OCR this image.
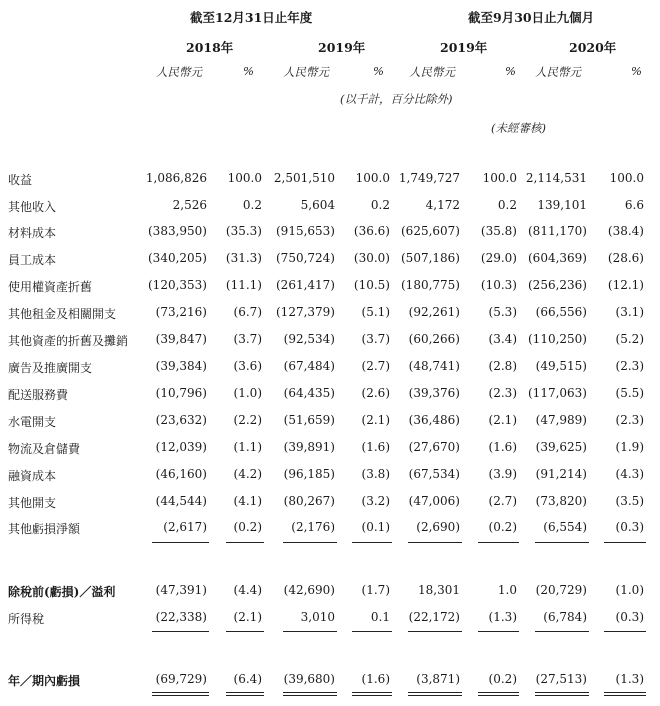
截至12月31日止年度	截至9月30日止九個月
2018年	2019年	2019年	2020年
人民幣元	%	人民幣元	% 人民幣元	% 人民幣元	%
(以千計，百分比除外)
(未經審核)
收益	1,086,826 100.0 2,501,510 100.0 1,749,727 100.0 2,114,531 100.0
其他收入	2,526	0.2	5,604	0.2	4,172	0.2 139,101	6.6
材料成本	(383,950) (35.3) (915,653) (36.6) (625,607) (35.8) (811,170) (38.4)
員工成本	(340,205) (31.3) (750,724) (30.0) (507,186) (29.0) (604,369) (28.6)
使用權資產折舊	(120,353) (11.1) (261,417) (10.5) (180,775) (10.3) (256,236) (12.1)
其他租金及相關開支	(73,216) (6.7) (127,379) (5.1) (92,261) (5.3) (66,556) (3.1)
其他資產的折舊及攤銷 (39,847) (3.7) (92,534) (3.7) (60,266) (3.4) (110,250) (5.2)
廣告及推廣開支	(39,384) (3.6) (67,484) (2.7) (48,741) (2.8) (49,515) (2.3)
配送服務費	(10,796) (1.0) (64,435) (2.6) (39,376) (2.3) (117,063) (5.5)
水電開支	(23,632) (2.2) (51,659) (2.1) (36,486) (2.1) (47,989) (2.3)
物流及倉儲費	(12,039) (1.1) (39,891) (1.6) (27,670) (1.6) (39,625) (1.9)
融資成本	(46,160) (4.2) (96,185) (3.8) (67,534) (3.9) (91,214) (4.3)
其他開支	(44,544) (4.1) (80,267) (3.2) (47,006) (2.7) (73,820) (3.5)
其他虧損淨額	(2,617) (0.2) (2,176) (0.1) (2,690) (0.2) (6,554) (0.3)
除稅前(虧損)／溢利	(47,391) (4.4) (42,690) (1.7) 18,301	1.0 (20,729) (1.0)
所得稅	(22,338) (2.1)	3,010	0.1 (22,172) (1.3) (6,784) (0.3)
年／期內虧損	(69,729) (6.4) (39,680) (1.6) (3,871) (0.2) (27,513) (1.3)
